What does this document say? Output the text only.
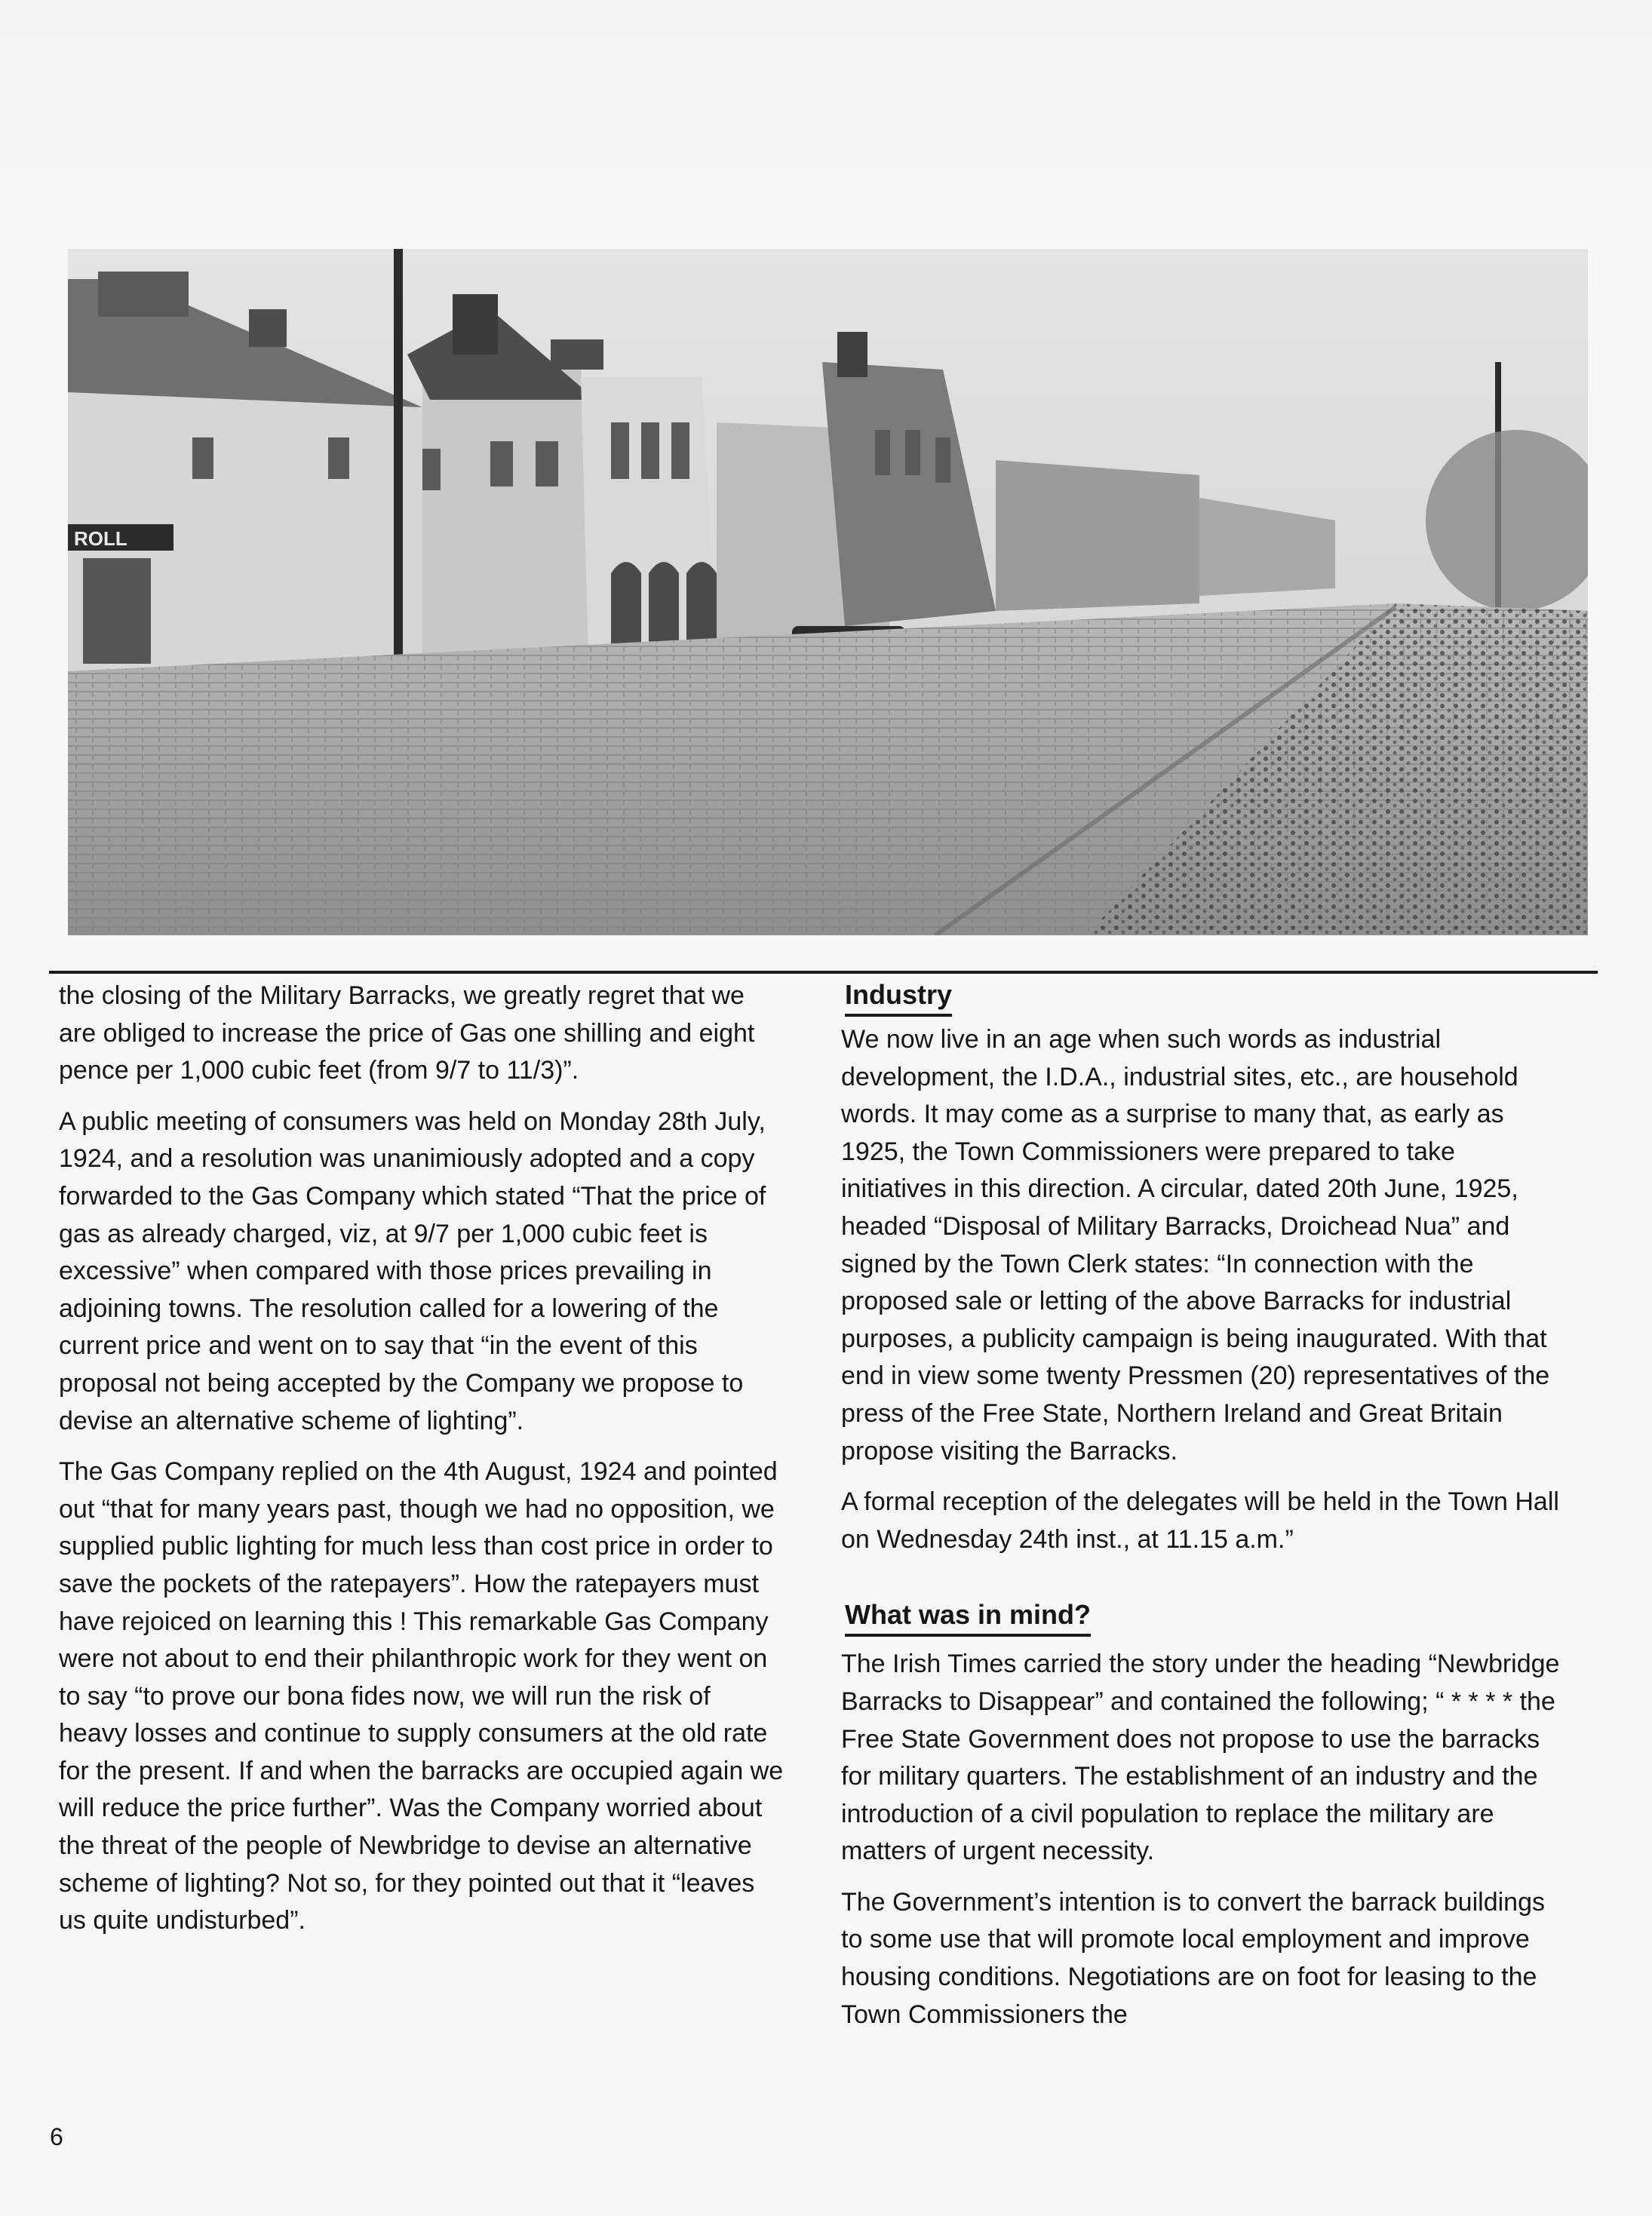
ROLL

the closing of the Military Barracks, we greatly regret that we are obliged to increase the price of Gas one shilling and eight pence per 1,000 cubic feet (from 9/7 to 11/3)”.

A public meeting of consumers was held on Monday 28th July, 1924, and a resolution was unanimiously adopted and a copy forwarded to the Gas Company which stated “That the price of gas as already charged, viz, at 9/7 per 1,000 cubic feet is excessive” when compared with those prices prevailing in adjoining towns. The resolution called for a lowering of the current price and went on to say that “in the event of this proposal not being accepted by the Company we propose to devise an alternative scheme of lighting”.

The Gas Company replied on the 4th August, 1924 and pointed out “that for many years past, though we had no opposition, we supplied public lighting for much less than cost price in order to save the pockets of the ratepayers”. How the ratepayers must have rejoiced on learning this ! This remarkable Gas Company were not about to end their philanthropic work for they went on to say “to prove our bona fides now, we will run the risk of heavy losses and continue to supply consumers at the old rate for the present. If and when the barracks are occupied again we will reduce the price further”. Was the Company worried about the threat of the people of Newbridge to devise an alternative scheme of lighting? Not so, for they pointed out that it “leaves us quite undisturbed”.

Industry

We now live in an age when such words as industrial development, the I.D.A., industrial sites, etc., are household words. It may come as a surprise to many that, as early as 1925, the Town Commissioners were prepared to take initiatives in this direction. A circular, dated 20th June, 1925, headed “Disposal of Military Barracks, Droichead Nua” and signed by the Town Clerk states: “In connection with the proposed sale or letting of the above Barracks for industrial purposes, a publicity campaign is being inaugurated. With that end in view some twenty Pressmen (20) representatives of the press of the Free State, Northern Ireland and Great Britain propose visiting the Barracks.

A formal reception of the delegates will be held in the Town Hall on Wednesday 24th inst., at 11.15 a.m.”

What was in mind?

The Irish Times carried the story under the heading “Newbridge Barracks to Disappear” and contained the following; “ * * * * the Free State Government does not propose to use the barracks for military quarters. The establishment of an industry and the introduction of a civil population to replace the military are matters of urgent necessity.

The Government’s intention is to convert the barrack buildings to some use that will promote local employment and improve housing conditions. Negotiations are on foot for leasing to the Town Commissioners the

6
